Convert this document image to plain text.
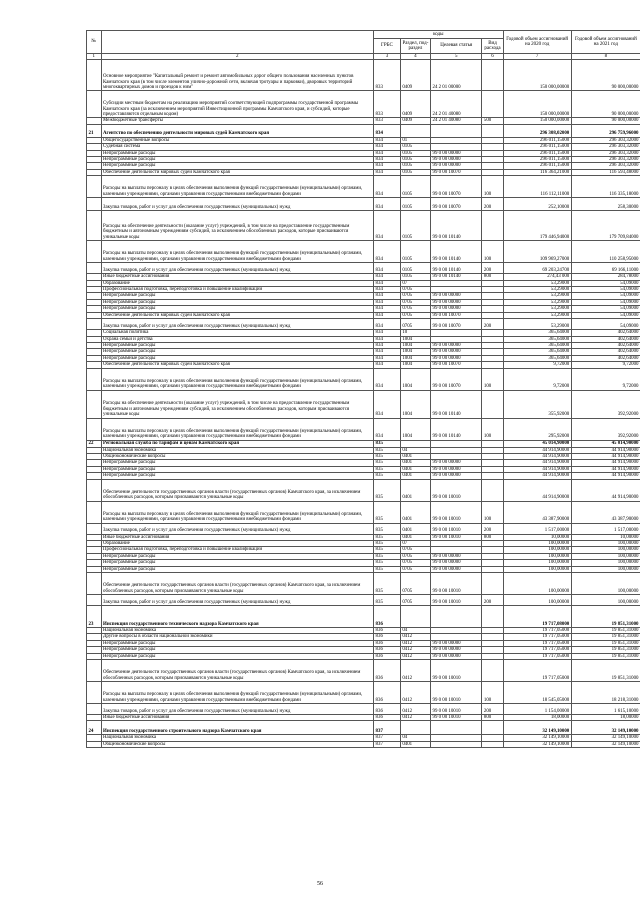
№		коды				Годовой объем ассигнований на 2020 год	Годовой объем ассигнований на 2021 год
		ГРБС	Раздел, под- раздел	Целевая статья	Вид расхода		
1	2	3	4	5	6	7	8
	Основное мероприятие "Капитальный ремонт и ремонт автомобильных дорог общего пользования населенных пунктов Камчатского края (в том числе элементов улично-дорожной сети, включая тротуары и парковки), дворовых территорий многоквартирных домов и проездов к ним"	833	0409	24 2 01 00000		150 000,00000	90 000,00000
	Субсидии местным бюджетам на реализацию мероприятий соответствующей подпрограммы государственной программы Камчатского края (за исключением мероприятий Инвестиционной программы Камчатского края, и субсидий, которые предоставляются отдельным кодом)	833	0409	24 2 01 40080		150 000,00000	90 000,00000
	Межбюджетные трансферты	833	0409	24 2 01 40080	500	150 000,00000	90 000,00000
21	Агентство по обеспечению деятельности мировых судей Камчатского края	834				296 308,02000	296 759,96000
	Общегосударственные вопросы	834	01			296 011,15000	296 303,32000
	Судебная система	834	0105			296 011,15000	296 303,32000
	Непрограммные расходы	834	0105	99 0 00 00000		296 011,15000	296 303,32000
	Непрограммные расходы	834	0105	99 0 00 00000		296 011,15000	296 303,32000
	Непрограммные расходы	834	0105	99 0 00 00000		296 011,15000	296 303,32000
	Обеспечение деятельности мировых судей Камчатского края	834	0105	99 0 00 10070		116 364,21000	116 593,48000
	Расходы на выплаты персоналу в целях обеспечения выполнения функций государственными (муниципальными) органами, казенными учреждениями, органами управления государственными внебюджетными фондами	834	0105	99 0 00 10070	100	116 112,11000	116 335,18000
	Закупка товаров, работ и услуг для обеспечения государственных (муниципальных) нужд	834	0105	99 0 00 10070	200	252,10000	258,30000
	Расходы на обеспечение деятельности (оказание услуг) учреждений, в том числе на предоставление государственным бюджетным и автономным учреждениям субсидий, за исключением обособленных расходов, которые присваиваются уникальные коды	834	0105	99 0 00 10140		179 446,94000	179 709,84000
	Расходы на выплаты персоналу в целях обеспечения выполнения функций государственными (муниципальными) органами, казенными учреждениями, органами управления государственными внебюджетными фондами	834	0105	99 0 00 10140	100	109 969,27000	110 258,95000
	Закупка товаров, работ и услуг для обеспечения государственных (муниципальных) нужд	834	0105	99 0 00 10140	200	69 203,24700	69 166,11000
	Иные бюджетные ассигнования	834	0105	99 0 00 10140	800	274,43 000	284,78000
	Образование	834	07			53,29000	54,09000
	Профессиональная подготовка, переподготовка и повышение квалификации	834	0705			53,29000	54,09000
	Непрограммные расходы	834	0705	99 0 00 00000		53,29000	54,09000
	Непрограммные расходы	834	0705	99 0 00 00000		53,29000	54,09000
	Непрограммные расходы	834	0705	99 0 00 00000		53,29000	54,09000
	Обеспечение деятельности мировых судей Камчатского края	834	0705	99 0 00 10070		53,29000	54,09000
	Закупка товаров, работ и услуг для обеспечения государственных (муниципальных) нужд	834	0705	99 0 00 10070	200	53,29000	54,09000
	Социальная политика	834	10			365,64000	402,64000
	Охрана семьи и детства	834	1004			365,64000	402,64000
	Непрограммные расходы	834	1004	99 0 00 00000		365,64000	402,64000
	Непрограммные расходы	834	1004	99 0 00 00000		365,64000	402,64000
	Непрограммные расходы	834	1004	99 0 00 00000		365,64000	402,64000
	Обеспечение деятельности мировых судей Камчатского края	834	1004	99 0 00 10070		9,72000	9,72000
	Расходы на выплаты персоналу в целях обеспечения выполнения функций государственными (муниципальными) органами, казенными учреждениями, органами управления государственными внебюджетными фондами	834	1004	99 0 00 10070	100	9,72000	9,72000
	Расходы на обеспечение деятельности (оказание услуг) учреждений, в том числе на предоставление государственным бюджетным и автономным учреждениям субсидий, за исключением обособленных расходов, которым присваиваются уникальные коды	834	1004	99 0 00 10140		355,92000	392,92000
	Расходы на выплаты персоналу в целях обеспечения выполнения функций государственными (муниципальными) органами, казенными учреждениями, органами управления государственными внебюджетными фондами	834	1004	99 0 00 10140	100	295,92000	392,92000
22	Региональная служба по тарифам и ценам Камчатского края	835				45 014,90000	45 014,90000
	Национальная экономика	835	04			44 914,90000	44 914,90000
	Общеэкономические вопросы	835	0401			44 914,90000	44 914,90000
	Непрограммные расходы	835	0401	99 0 00 00000		44 914,90000	44 914,90000
	Непрограммные расходы	835	0401	99 0 00 00000		44 914,90000	44 914,90000
	Непрограммные расходы	835	0401	99 0 00 00000		44 914,90000	44 914,90000
	Обеспечение деятельности государственных органов власти (государственных органов) Камчатского края, за исключением обособленных расходов, которым присваиваются уникальные коды	835	0401	99 0 00 10010		44 914,90000	44 914,90000
	Расходы на выплаты персоналу в целях обеспечения выполнения функций государственными (муниципальными) органами, казенными учреждениями, органами управления государственными внебюджетными фондами	835	0401	99 0 00 10010	100	43 387,90000	43 387,90000
	Закупка товаров, работ и услуг для обеспечения государственных (муниципальных) нужд	835	0401	99 0 00 10010	200	1 517,00000	1 517,00000
	Иные бюджетные ассигнования	835	0401	99 0 00 10010	800	10,00000	10,00000
	Образование	835	07			100,00000	100,00000
	Профессиональная подготовка, переподготовка и повышение квалификации	835	0705			100,00000	100,00000
	Непрограммные расходы	835	0705	99 0 00 00000		100,00000	100,00000
	Непрограммные расходы	835	0705	99 0 00 00000		100,00000	100,00000
	Непрограммные расходы	835	0705	99 0 00 00000		100,00000	100,00000
	Обеспечение деятельности государственных органов власти (государственных органов) Камчатского края, за исключением обособленных расходов, которым присваиваются уникальные коды	835	0705	99 0 00 10010		100,00000	100,00000
	Закупка товаров, работ и услуг для обеспечения государственных (муниципальных) нужд	835	0705	99 0 00 10010	200	100,00000	100,00000
23	Инспекция государственного технического надзора Камчатского края	836				19 717,08000	19 851,31000
	Национальная экономика	836	04			19 717,05000	19 851,31000
	Другие вопросы в области национальной экономики	836	0412			19 717,05000	19 851,31000
	Непрограммные расходы	836	0412	99 0 00 00000		19 717,05000	19 851,31000
	Непрограммные расходы	836	0412	99 0 00 00000		19 717,05000	19 851,31000
	Непрограммные расходы	836	0412	99 0 00 00000		19 717,05000	19 851,31000
	Обеспечение деятельности государственных органов власти (государственных органов) Камчатского края, за исключением обособленных расходов, которым присваиваются уникальные коды	836	0412	99 0 00 10010		19 717,05000	19 851,31000
	Расходы на выплаты персоналу в целях обеспечения выполнения функций государственными (муниципальными) органами, казенными учреждениями, органами управления государственными внебюджетными фондами	836	0412	99 0 00 10010	100	18 545,05000	18 218,31000
	Закупка товаров, работ и услуг для обеспечения государственных (муниципальных) нужд	836	0412	99 0 00 10010	200	1 154,00000	1 615,10000
	Иные бюджетные ассигнования	836	0412	99 0 00 10010	800	18,00000	18,00000
24	Инспекция государственного строительного надзора Камчатского края	837				32 149,10000	32 149,10000
	Национальная экономика	837	04			32 149,10000	32 149,10000
	Общеэкономические вопросы	837	0401			32 149,10000	32 149,10000
56
